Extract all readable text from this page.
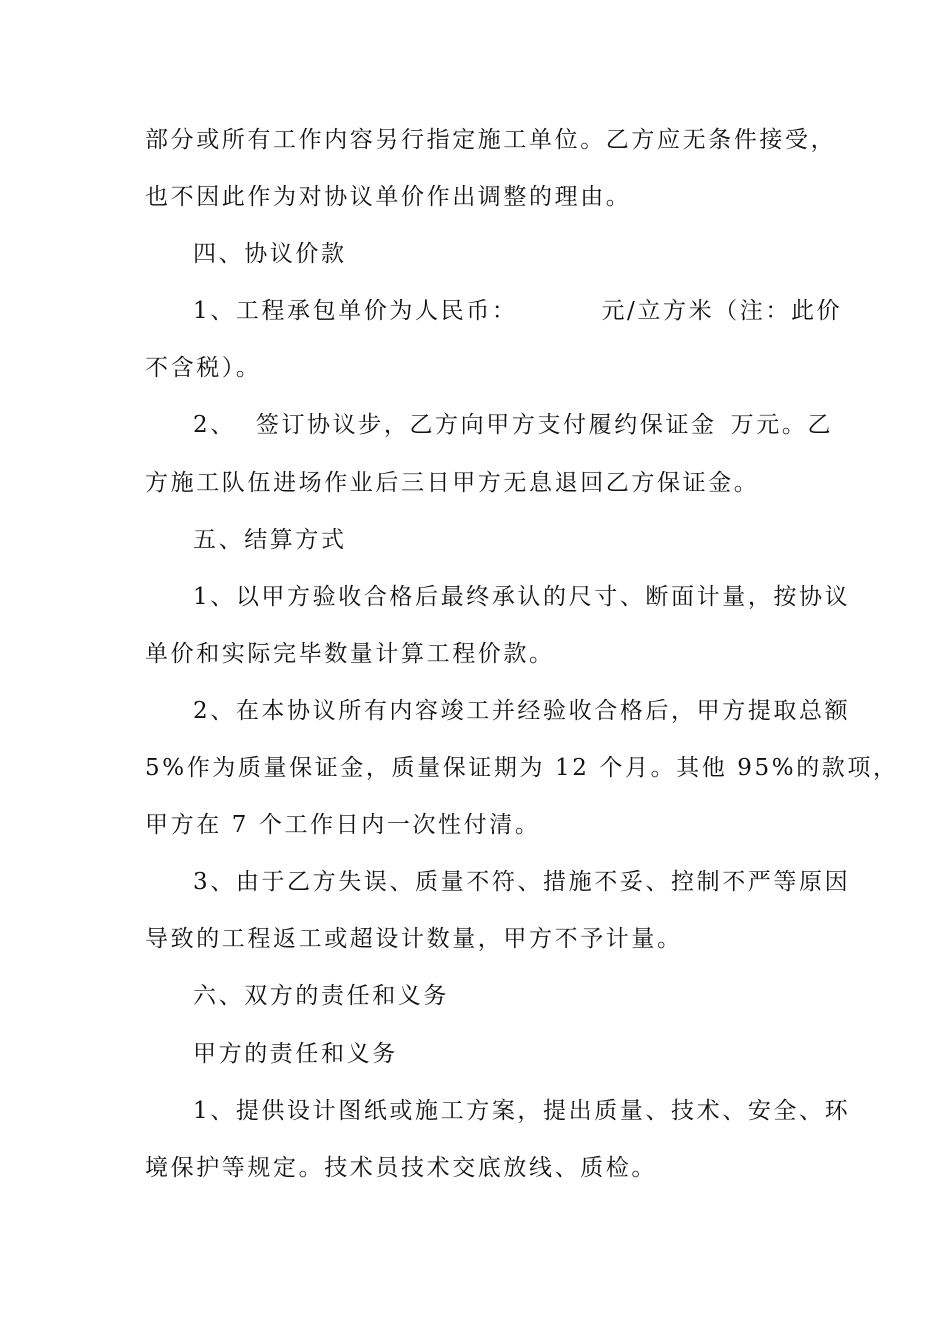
部分或所有工作内容另行指定施工单位。乙方应无条件接受，
也不因此作为对协议单价作出调整的理由。
四、协议价款
1、工程承包单价为人民币：	元/立方米（注：此价
不含税）。
2、 签订协议步，乙方向甲方支付履约保证金 万元。乙
方施工队伍进场作业后三日甲方无息退回乙方保证金。
五、结算方式
1、以甲方验收合格后最终承认的尺寸、断面计量，按协议
单价和实际完毕数量计算工程价款。
2、在本协议所有内容竣工并经验收合格后，甲方提取总额
5%作为质量保证金，质量保证期为 12 个月。其他 95%的款项，
甲方在 7 个工作日内一次性付清。
3、由于乙方失误、质量不符、措施不妥、控制不严等原因
导致的工程返工或超设计数量，甲方不予计量。
六、双方的责任和义务
甲方的责任和义务
1、提供设计图纸或施工方案，提出质量、技术、安全、环
境保护等规定。技术员技术交底放线、质检。
